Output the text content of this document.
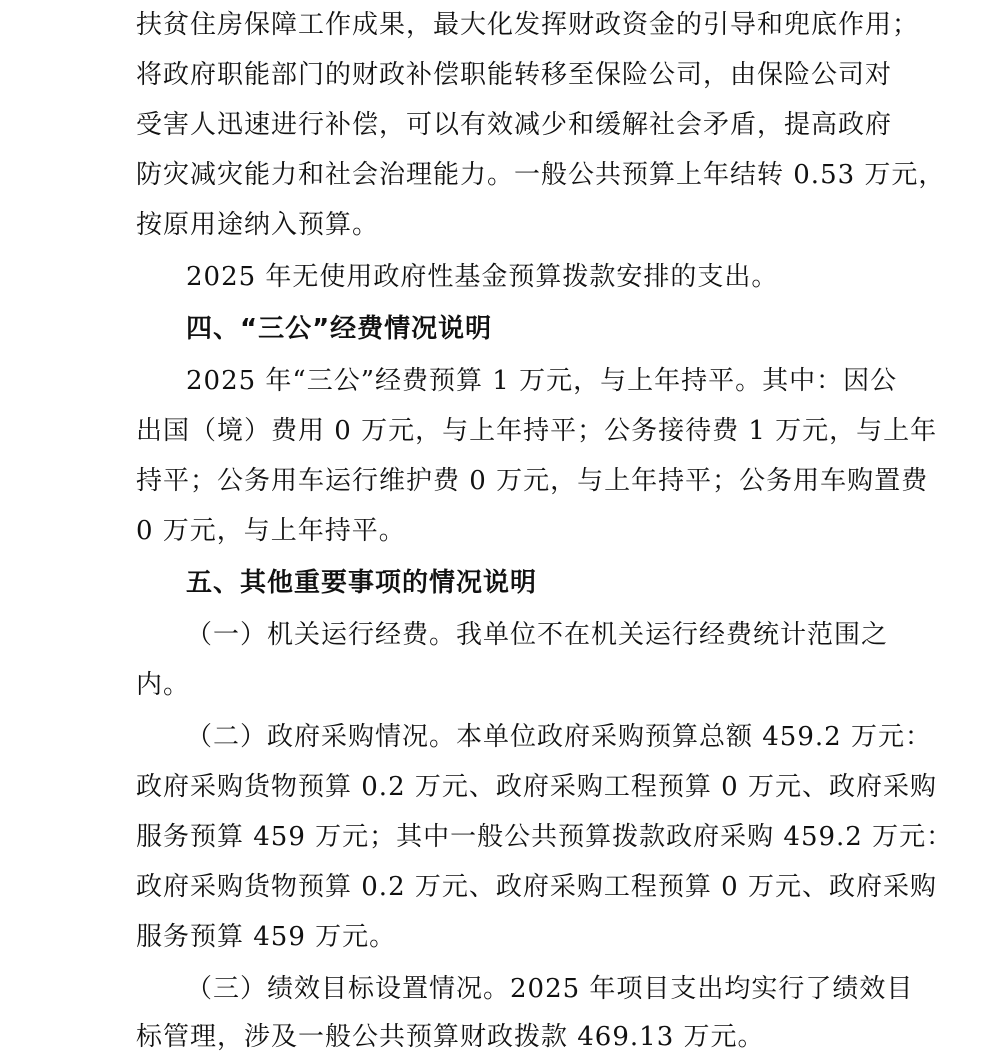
扶贫住房保障工作成果，最大化发挥财政资金的引导和兜底作用；
将政府职能部门的财政补偿职能转移至保险公司，由保险公司对
受害人迅速进行补偿，可以有效减少和缓解社会矛盾，提高政府
防灾减灾能力和社会治理能力。一般公共预算上年结转 0.53 万元，
按原用途纳入预算。
2025 年无使用政府性基金预算拨款安排的支出。
四、“三公”经费情况说明
2025 年“三公”经费预算 1 万元，与上年持平。其中：因公
出国（境）费用 0 万元，与上年持平；公务接待费 1 万元，与上年
持平；公务用车运行维护费 0 万元，与上年持平；公务用车购置费
0 万元，与上年持平。
五、其他重要事项的情况说明
（一）机关运行经费。我单位不在机关运行经费统计范围之
内。
（二）政府采购情况。本单位政府采购预算总额 459.2 万元：
政府采购货物预算 0.2 万元、政府采购工程预算 0 万元、政府采购
服务预算 459 万元；其中一般公共预算拨款政府采购 459.2 万元：
政府采购货物预算 0.2 万元、政府采购工程预算 0 万元、政府采购
服务预算 459 万元。
（三）绩效目标设置情况。2025 年项目支出均实行了绩效目
标管理，涉及一般公共预算财政拨款 469.13 万元。
